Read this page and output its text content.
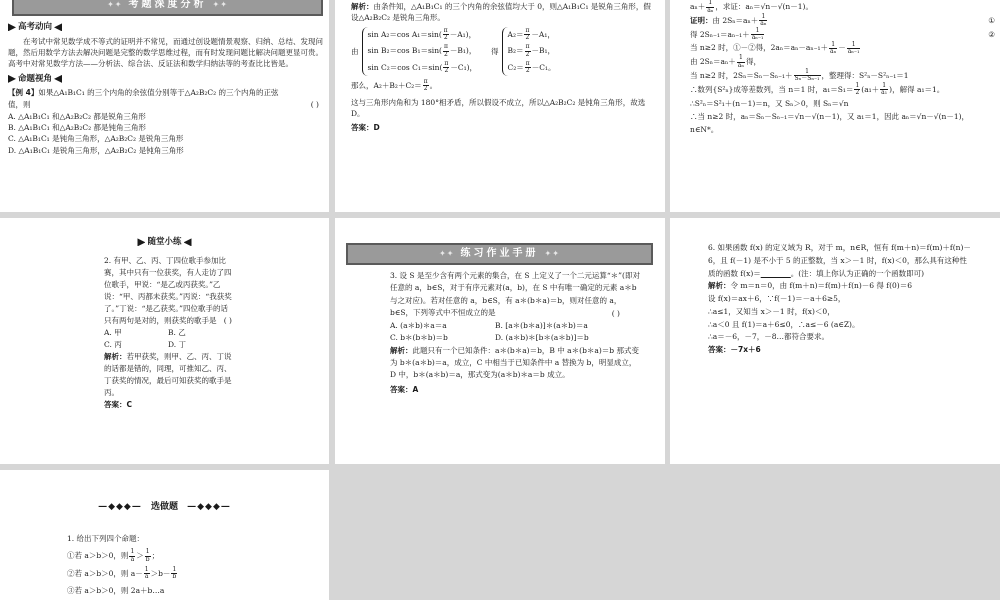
✦✦ 考题深度分析 ✦✦
高考动向
在考试中常见数学成不等式的证明并不常见，而通过创设题情景观察、归纳、总结、发现问题，然后用数学方法去解决问题是完整的数学思维过程，而有时发现问题比解决问题更显可贵。高考中对常见数学方法——分析法、综合法、反证法和数学归纳法等的考查比比皆是。
命题视角
【例 4】如果△A₁B₁C₁ 的三个内角的余弦值分别等于△A₂B₂C₂ 的三个内角的正弦值，则	( )
A. △A₁B₁C₁ 和△A₂B₂C₂ 都是锐角三角形
B. △A₁B₁C₁ 和△A₂B₂C₂ 都是钝角三角形
C. △A₁B₁C₁ 是钝角三角形，△A₂B₂C₂ 是锐角三角形
D. △A₁B₁C₁ 是锐角三角形，△A₂B₂C₂ 是钝角三角形
解析：由条件知，△A₁B₁C₁ 的三个内角的余弦值均大于 0，则△A₁B₁C₁ 是锐角三角形，假设△A₂B₂C₂ 是锐角三角形。
由
sin A₂＝cos $A_1=\sin( \frac{\pi}{2} -A_1)$，
sin B₂＝cos $B_1=\sin( \frac{\pi}{2} -B_1)$，
sin C₂＝cos $C_1=\sin( \frac{\pi}{2} -C_1)$，
得
$A_2= \frac{\pi}{2} -A_1$，
$B_2= \frac{\pi}{2} -B_1$，
$C_2= \frac{\pi}{2} -C_1$。
那么，$A_2+B_2+C_2= \frac{\pi}{2}$ 。
这与三角形内角和为 180°相矛盾，所以假设不成立，所以△A₂B₂C₂ 是钝角三角形，故选 D。
答案：D
$a_n+ \frac{1}{\text{aₙ}}$ ，求证：aₙ＝√n－√(n－1)。
证明：由 $2S_n=a_n+ \frac{1}{\text{aₙ}}$	①
得 $2S_{n-1}=a_{n-1}+ \frac{1}{\text{aₙ₋₁}}$	②
当 n≥2 时，①－②得，$2a_n=a_n-a_{n-1}+ \frac{1}{\text{aₙ}} - \frac{1}{\text{aₙ₋₁}}$
由 $2S_n=a_n+ \frac{1}{\text{aₙ}}$ 得，
当 n≥2 时，$2S_n=S_n-S_{n-1}+ \frac{1}{\text{Sₙ－Sₙ₋₁}}$ ，整理得：S²ₙ－S²ₙ₋₁＝1
∴数列{S²ₙ}成等差数列，当 n＝1 时，$a_1=S_1= \frac{1}{2} (a_1+ \frac{1}{\text{a₁}}$ )，解得 a₁＝1。
∴S²ₙ＝S²₁＋(n－1)＝n，又 Sₙ＞0，则 Sₙ＝√n
∴当 n≥2 时，aₙ＝Sₙ－Sₙ₋₁＝√n－√(n－1)，又 a₁＝1，因此 aₙ＝√n－√(n－1)，
n∈N*。
随堂小练
2. 有甲、乙、丙、丁四位歌手参加比赛，其中只有一位获奖，有人走访了四位歌手，甲说：“是乙或丙获奖。”乙说：“甲、丙都未获奖。”丙说：“我获奖了。”丁说：“是乙获奖。”四位歌手的话只有两句是对的，则获奖的歌手是 ( )
A. 甲	B. 乙
C. 丙	D. 丁
解析：若甲获奖，则甲、乙、丙、丁说的话都是错的，同理，可推知乙、丙、丁获奖的情况，最后可知获奖的歌手是丙。
答案：C
✦✦ 练习作业手册 ✦✦
3. 设 S 是至少含有两个元素的集合，在 S 上定义了一个二元运算“＊”(即对任意的 a，b∈S，对于有序元素对(a，b)，在 S 中有唯一确定的元素 a＊b 与之对应)。若对任意的 a，b∈S，有 a＊(b＊a)＝b，则对任意的 a，b∈S，下列等式中不恒成立的是	( )
A. (a＊b)＊a＝a	B. [a＊(b＊a)]＊(a＊b)＝a
C. b＊(b＊b)＝b	D. (a＊b)＊[b＊(a＊b)]＝b
解析：此题只有一个已知条件：a＊(b＊a)＝b，B 中 a＊(b＊a)＝b 那式变为 b＊(a＊b)＝a，成立，C 中相当于已知条件中 a 替换为 b，明显成立，D 中，b＊(a＊b)＝a，那式变为(a＊b)＊a＝b 成立。
答案：A
6. 如果函数 f(x) 的定义域为 R，对于 m，n∈R，恒有 f(m＋n)＝f(m)＋f(n)－6，且 f(－1) 是不小于 5 的正整数，当 x＞－1 时，f(x)＜0，那么具有这种性质的函数 f(x)＝________。(注：填上你认为正确的一个函数即可)
解析：令 m＝n＝0，由 f(m＋n)＝f(m)＋f(n)－6 得 f(0)＝6
设 f(x)＝ax＋6，∵f(－1)＝－a＋6≥5，
∴a≤1，又知当 x＞－1 时，f(x)＜0，
∴a＜0 且 f(1)＝a＋6≤0，∴a≤－6 (a∈Z)。
∴a＝－6，－7，－8…都符合要求。
答案：－7x＋6
—◆◆◆— 选做题 —◆◆◆—
1. 给出下列四个命题：
①若 a＞b＞0，则 $\frac{1}{a} > \frac{1}{b}$ ；
②若 a＞b＞0，则 $a- \frac{1}{a} >b- \frac{1}{b}$
③若 a＞b＞0，则 2a＋b…a
